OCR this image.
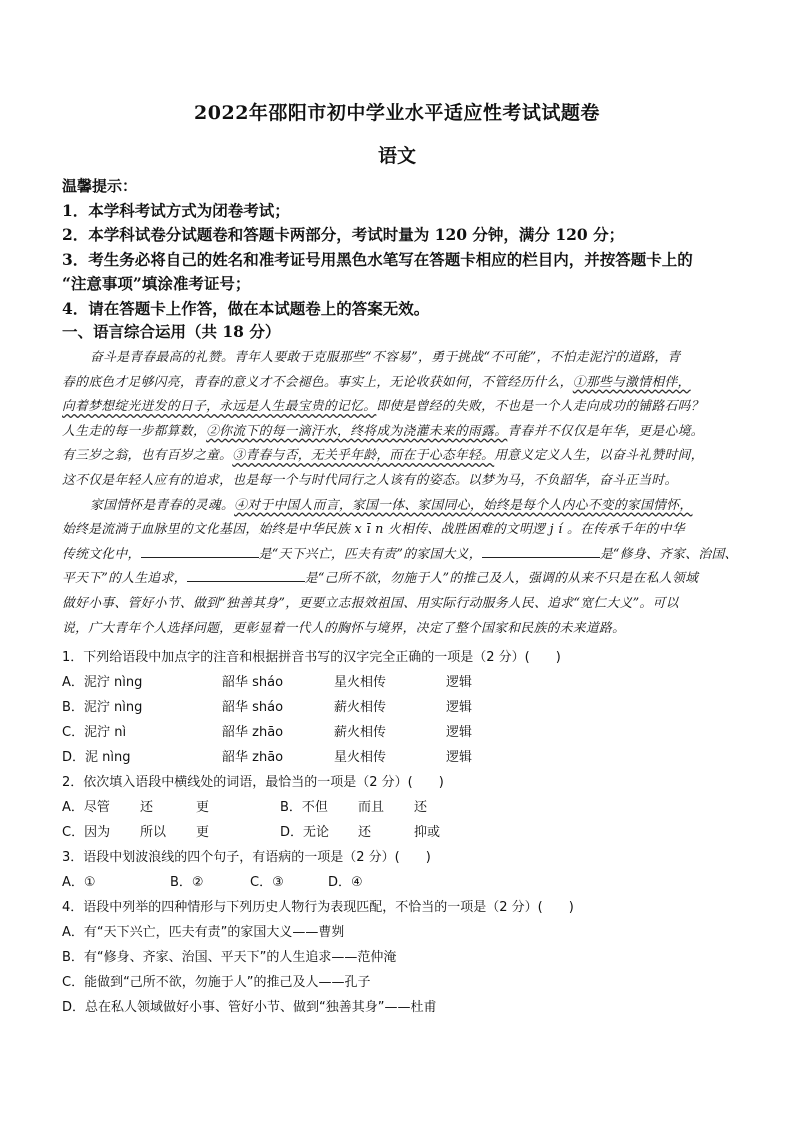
2022年邵阳市初中学业水平适应性考试试题卷
语文
温馨提示：
1．本学科考试方式为闭卷考试；
2．本学科试卷分试题卷和答题卡两部分，考试时量为 120 分钟，满分 120 分；
3．考生务必将自己的姓名和准考证号用黑色水笔写在答题卡相应的栏目内，并按答题卡上的
“注意事项”填涂准考证号；
4．请在答题卡上作答，做在本试题卷上的答案无效。
一、语言综合运用（共 18 分）
奋斗是青春最高的礼赞。青年人要敢于克服那些“不容易”，勇于挑战“不可能”，不怕走泥泞的道路，青
春的底色才足够闪亮，青春的意义才不会褪色。事实上，无论收获如何，不管经历什么，①那些与激情相伴，
向着梦想绽光迸发的日子，永远是人生最宝贵的记忆。即使是曾经的失败，不也是一个人走向成功的铺路石吗？
人生走的每一步都算数，②你流下的每一滴汗水，终将成为浇灌未来的雨露。青春并不仅仅是年华，更是心境。
有三岁之翁，也有百岁之童。③青春与否，无关乎年龄，而在于心态年轻。用意义定义人生，以奋斗礼赞时间，
这不仅是年轻人应有的追求，也是每一个与时代同行之人该有的姿态。以梦为马，不负韶华，奋斗正当时。
家国情怀是青春的灵魂。④对于中国人而言，家国一体、家国同心，始终是每个人内心不变的家国情怀，
始终是流淌于血脉里的文化基因，始终是中华民族 x ī n 火相传、战胜困难的文明逻 j í 。在传承千年的中华
传统文化中，	是“天下兴亡，匹夫有责”的家国大义，	是“修身、齐家、治国、
平天下”的人生追求，	是“己所不欲，勿施于人”的推己及人，强调的从来不只是在私人领域
做好小事、管好小节、做到“独善其身”，更要立志报效祖国、用实际行动服务人民、追求“宽仁大义”。可以
说，广大青年个人选择问题，更彰显着一代人的胸怀与境界，决定了整个国家和民族的未来道路。
1．下列给语段中加点字的注音和根据拼音书写的汉字完全正确的一项是（2 分）(　　)
A．泥泞 nìng	韶华 sháo	星火相传	逻辑
B．泥泞 nìng	韶华 sháo	薪火相传	逻辑
C．泥泞 nì	韶华 zhāo	薪火相传	逻辑
D．泥 nìng	韶华 zhāo	星火相传	逻辑
2．依次填入语段中横线处的词语，最恰当的一项是（2 分）(　　)
A．尽管 还	更	B．不但 而且 还
C．因为 所以 更	D．无论 还	抑或
3．语段中划波浪线的四个句子，有语病的一项是（2 分）(　　)
A．①	B．②	C．③	D．④
4．语段中列举的四种情形与下列历史人物行为表现匹配，不恰当的一项是（2 分）(　　)
A．有“天下兴亡，匹夫有责”的家国大义——曹刿
B．有“修身、齐家、治国、平天下”的人生追求——范仲淹
C．能做到“己所不欲，勿施于人”的推己及人——孔子
D．总在私人领域做好小事、管好小节、做到“独善其身”——杜甫
